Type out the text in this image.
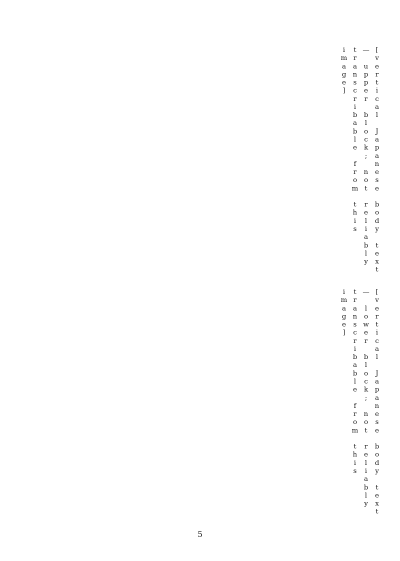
[vertical Japanese body text — upper block; not reliably transcribable from this image]
[vertical Japanese body text — lower block; not reliably transcribable from this image]
5
